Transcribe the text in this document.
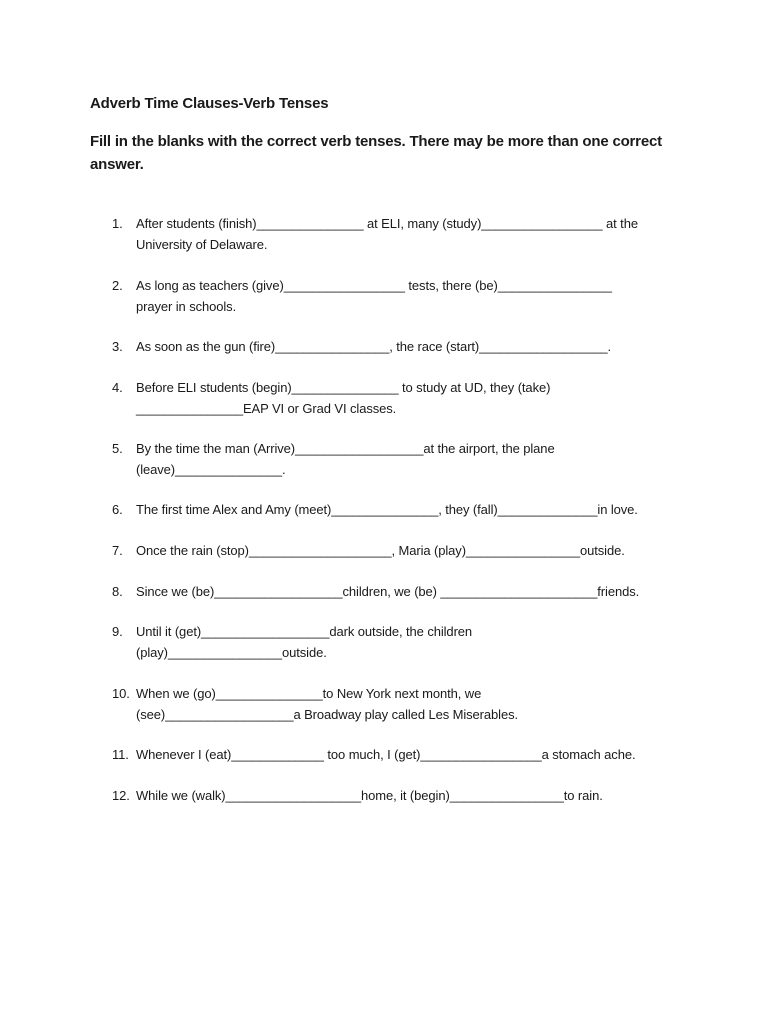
Adverb Time Clauses-Verb Tenses
Fill in the blanks with the correct verb tenses. There may be more than one correct answer.
1. After students (finish)_______________ at ELI, many (study)_________________ at the
University of Delaware.
2. As long as teachers (give)_________________ tests, there (be)________________
prayer in schools.
3. As soon as the gun (fire)________________, the race (start)__________________.
4. Before ELI students (begin)_______________ to study at UD, they (take)
_______________EAP VI or Grad VI classes.
5. By the time the man (Arrive)__________________at the airport, the plane
(leave)_______________.
6. The first time Alex and Amy (meet)_______________, they (fall)______________in love.
7. Once the rain (stop)____________________, Maria (play)________________outside.
8. Since we (be)__________________children, we (be) ______________________friends.
9. Until it (get)__________________dark outside, the children
(play)________________outside.
10. When we (go)_______________to New York next month, we
(see)__________________a Broadway play called Les Miserables.
11. Whenever I (eat)_____________ too much, I (get)_________________a stomach ache.
12. While we (walk)___________________home, it (begin)________________to rain.
